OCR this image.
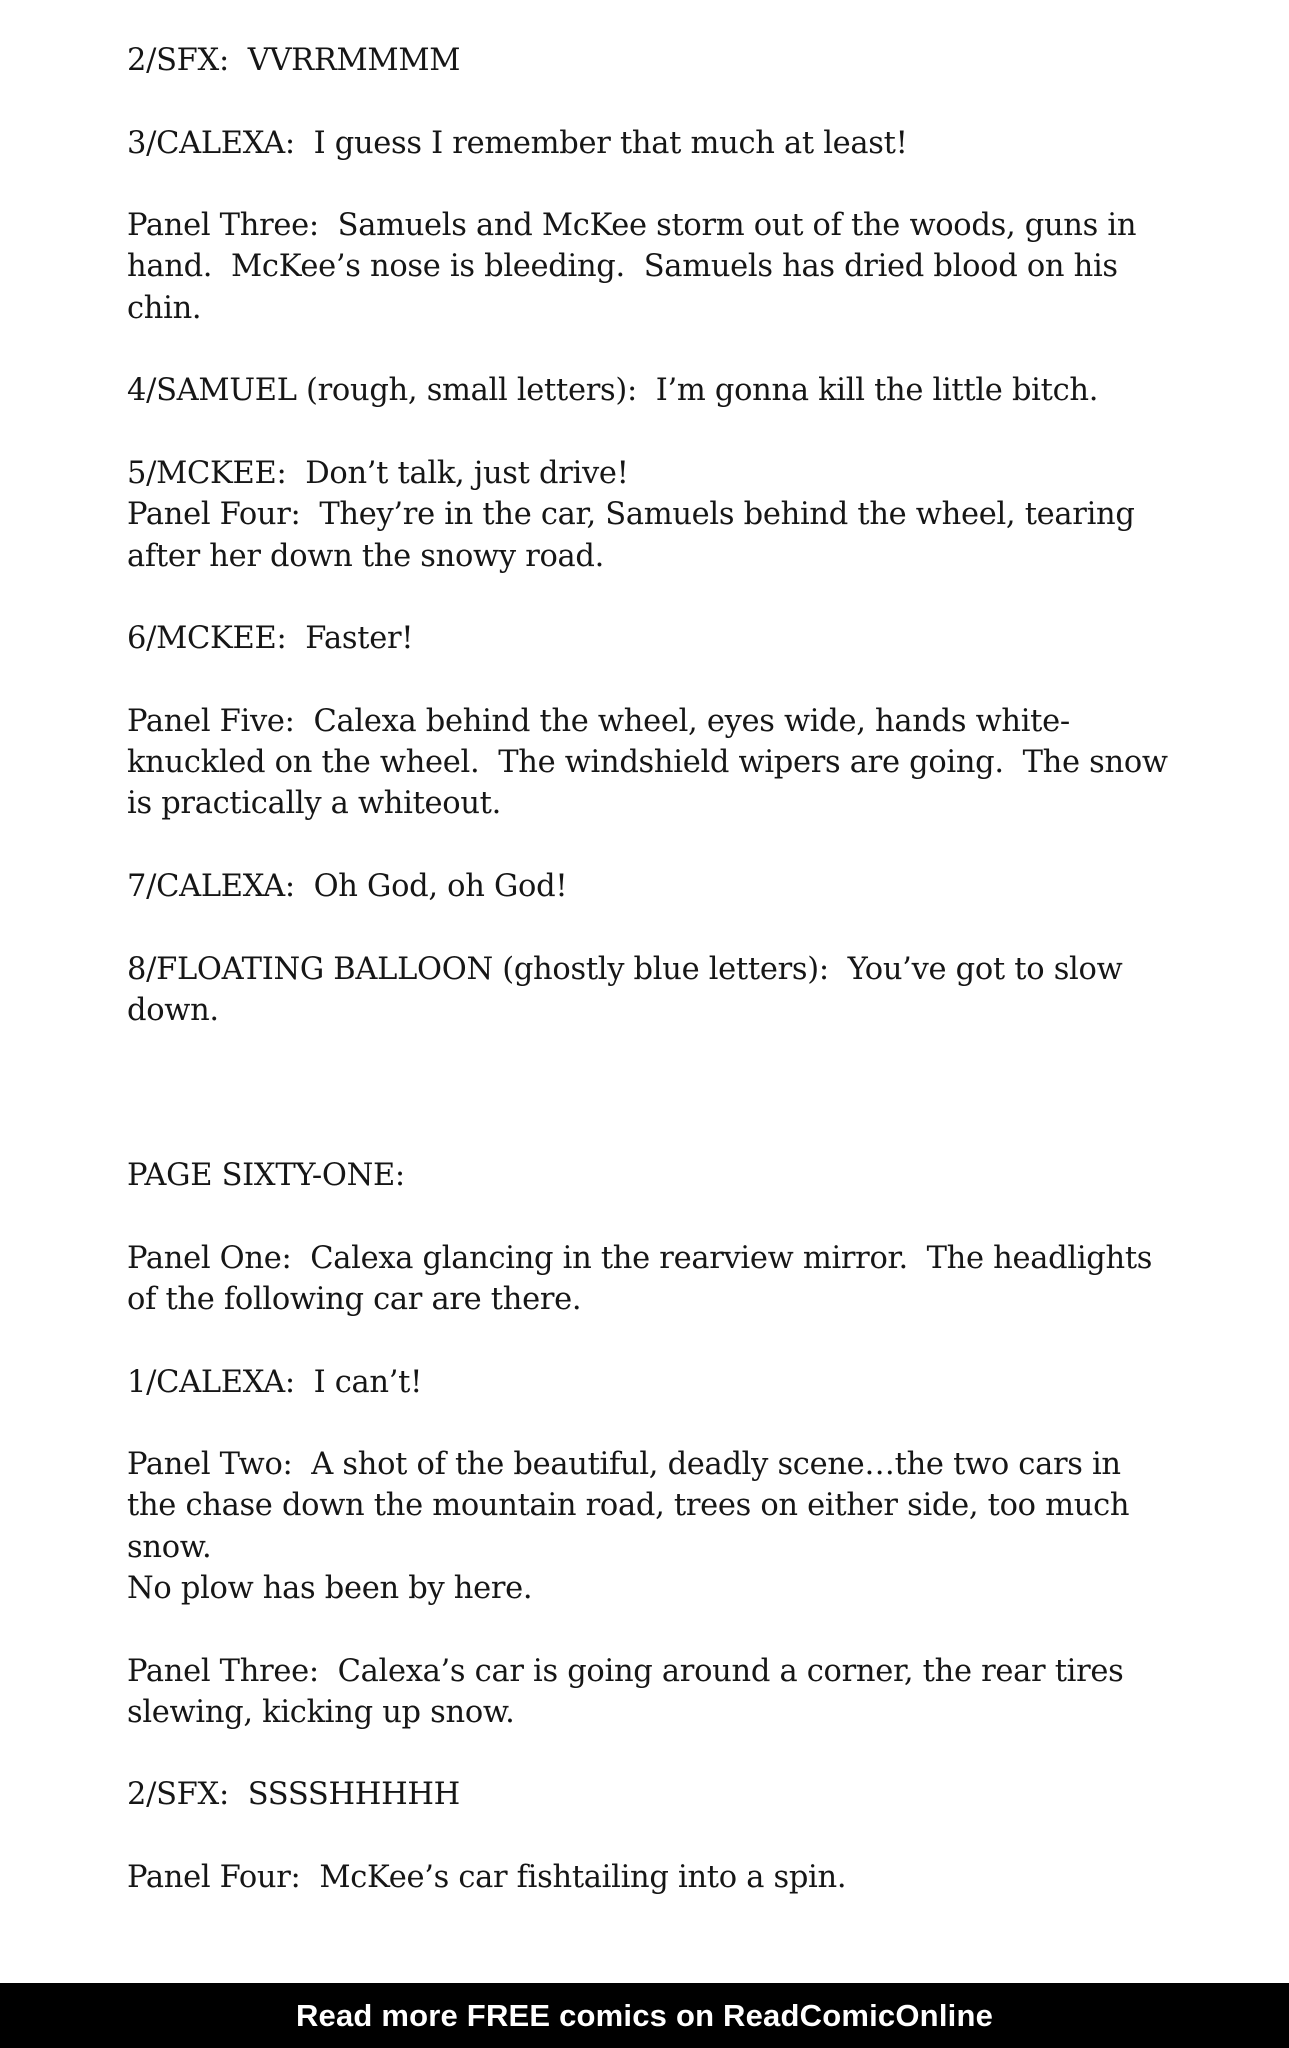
2/SFX:  VVRRMMMM
3/CALEXA:  I guess I remember that much at least!
Panel Three:  Samuels and McKee storm out of the woods, guns in
hand.  McKee’s nose is bleeding.  Samuels has dried blood on his
chin.
4/SAMUEL (rough, small letters):  I’m gonna kill the little bitch.
5/MCKEE:  Don’t talk, just drive!
Panel Four:  They’re in the car, Samuels behind the wheel, tearing
after her down the snowy road.
6/MCKEE:  Faster!
Panel Five:  Calexa behind the wheel, eyes wide, hands white-
knuckled on the wheel.  The windshield wipers are going.  The snow
is practically a whiteout.
7/CALEXA:  Oh God, oh God!
8/FLOATING BALLOON (ghostly blue letters):  You’ve got to slow
down.
PAGE SIXTY-ONE:
Panel One:  Calexa glancing in the rearview mirror.  The headlights
of the following car are there.
1/CALEXA:  I can’t!
Panel Two:  A shot of the beautiful, deadly scene…the two cars in
the chase down the mountain road, trees on either side, too much
snow.
No plow has been by here.
Panel Three:  Calexa’s car is going around a corner, the rear tires
slewing, kicking up snow.
2/SFX:  SSSSHHHHH
Panel Four:  McKee’s car fishtailing into a spin.
Read more FREE comics on ReadComicOnline
